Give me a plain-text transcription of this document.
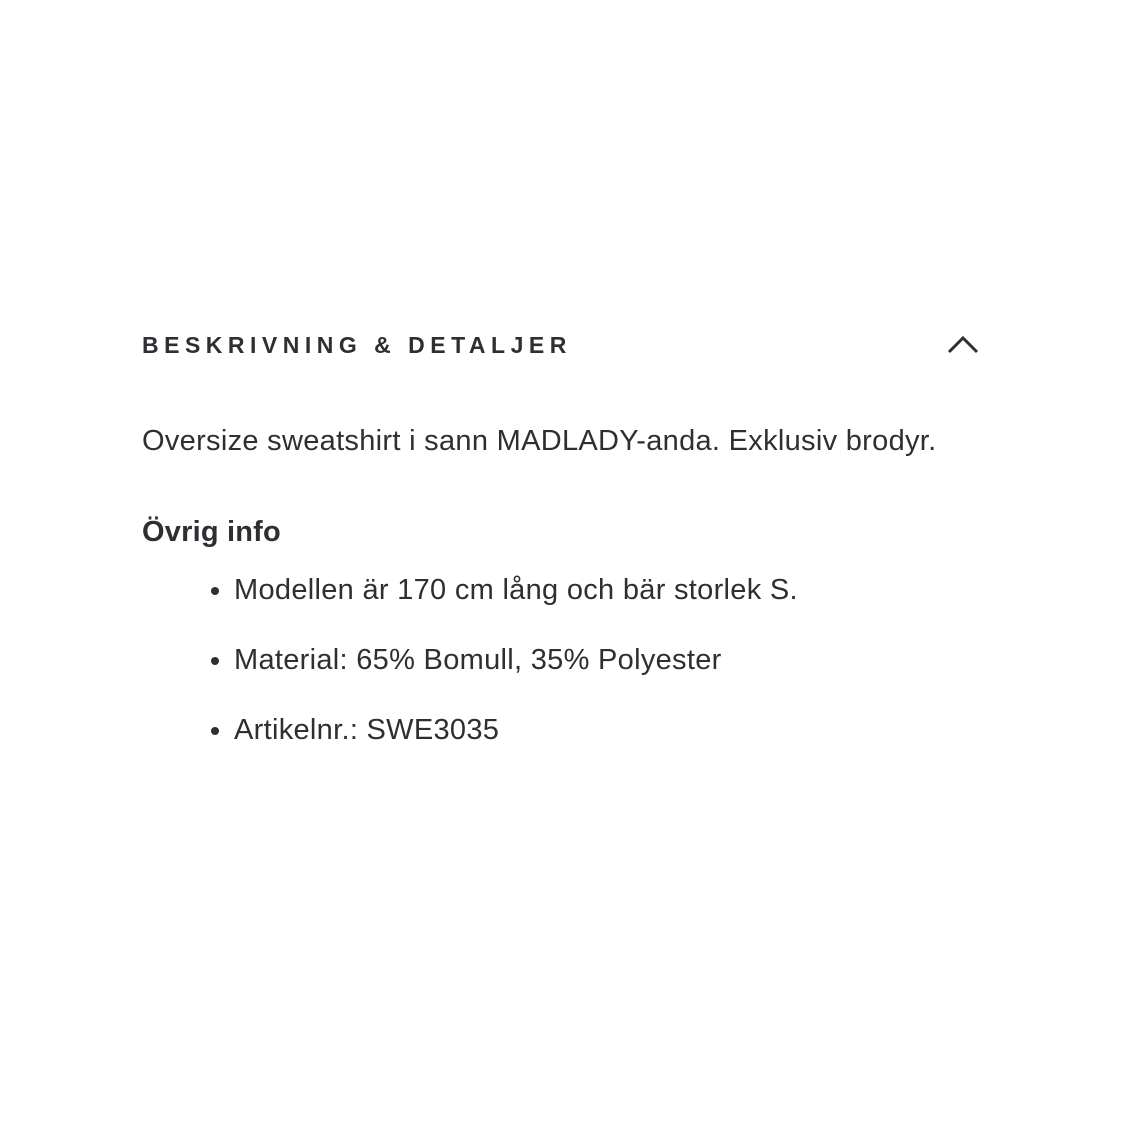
BESKRIVNING & DETALJER

Oversize sweatshirt i sann MADLADY-anda. Exklusiv brodyr.

Övrig info
• Modellen är 170 cm lång och bär storlek S.
• Material: 65% Bomull, 35% Polyester
• Artikelnr.: SWE3035
